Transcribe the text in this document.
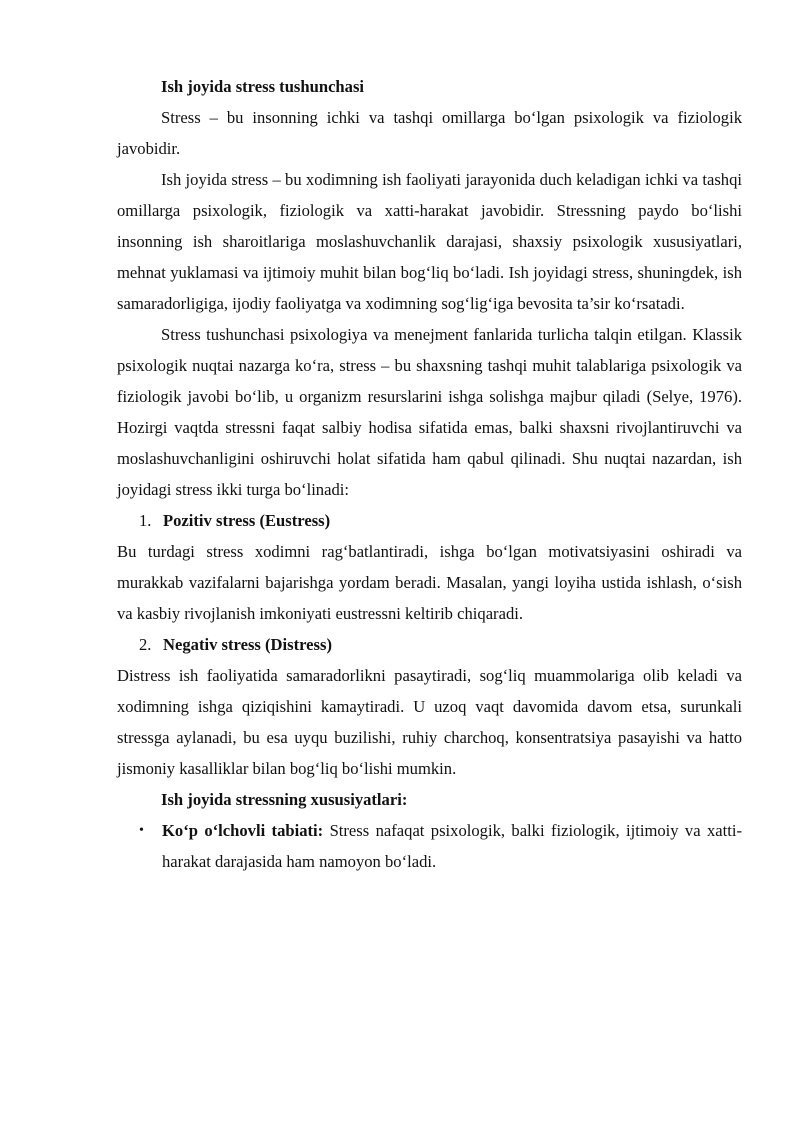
Ish joyida stress tushunchasi

Stress – bu insonning ichki va tashqi omillarga bo‘lgan psixologik va fiziologik javobidir.

Ish joyida stress – bu xodimning ish faoliyati jarayonida duch keladigan ichki va tashqi omillarga psixologik, fiziologik va xatti-harakat javobidir. Stressning paydo bo‘lishi insonning ish sharoitlariga moslashuvchanlik darajasi, shaxsiy psixologik xususiyatlari, mehnat yuklamasi va ijtimoiy muhit bilan bog‘liq bo‘ladi. Ish joyidagi stress, shuningdek, ish samaradorligiga, ijodiy faoliyatga va xodimning sog‘lig‘iga bevosita ta’sir ko‘rsatadi.

Stress tushunchasi psixologiya va menejment fanlarida turlicha talqin etilgan. Klassik psixologik nuqtai nazarga ko‘ra, stress – bu shaxsning tashqi muhit talablariga psixologik va fiziologik javobi bo‘lib, u organizm resurslarini ishga solishga majbur qiladi (Selye, 1976). Hozirgi vaqtda stressni faqat salbiy hodisa sifatida emas, balki shaxsni rivojlantiruvchi va moslashuvchanligini oshiruvchi holat sifatida ham qabul qilinadi. Shu nuqtai nazardan, ish joyidagi stress ikki turga bo‘linadi:

1. Pozitiv stress (Eustress)

Bu turdagi stress xodimni rag‘batlantiradi, ishga bo‘lgan motivatsiyasini oshiradi va murakkab vazifalarni bajarishga yordam beradi. Masalan, yangi loyiha ustida ishlash, o‘sish va kasbiy rivojlanish imkoniyati eustressni keltirib chiqaradi.

2. Negativ stress (Distress)

Distress ish faoliyatida samaradorlikni pasaytiradi, sog‘liq muammolariga olib keladi va xodimning ishga qiziqishini kamaytiradi. U uzoq vaqt davomida davom etsa, surunkali stressga aylanadi, bu esa uyqu buzilishi, ruhiy charchoq, konsentratsiya pasayishi va hatto jismoniy kasalliklar bilan bog‘liq bo‘lishi mumkin.

Ish joyida stressning xususiyatlari:

•	Ko‘p o‘lchovli tabiati: Stress nafaqat psixologik, balki fiziologik, ijtimoiy va xatti-harakat darajasida ham namoyon bo‘ladi.
